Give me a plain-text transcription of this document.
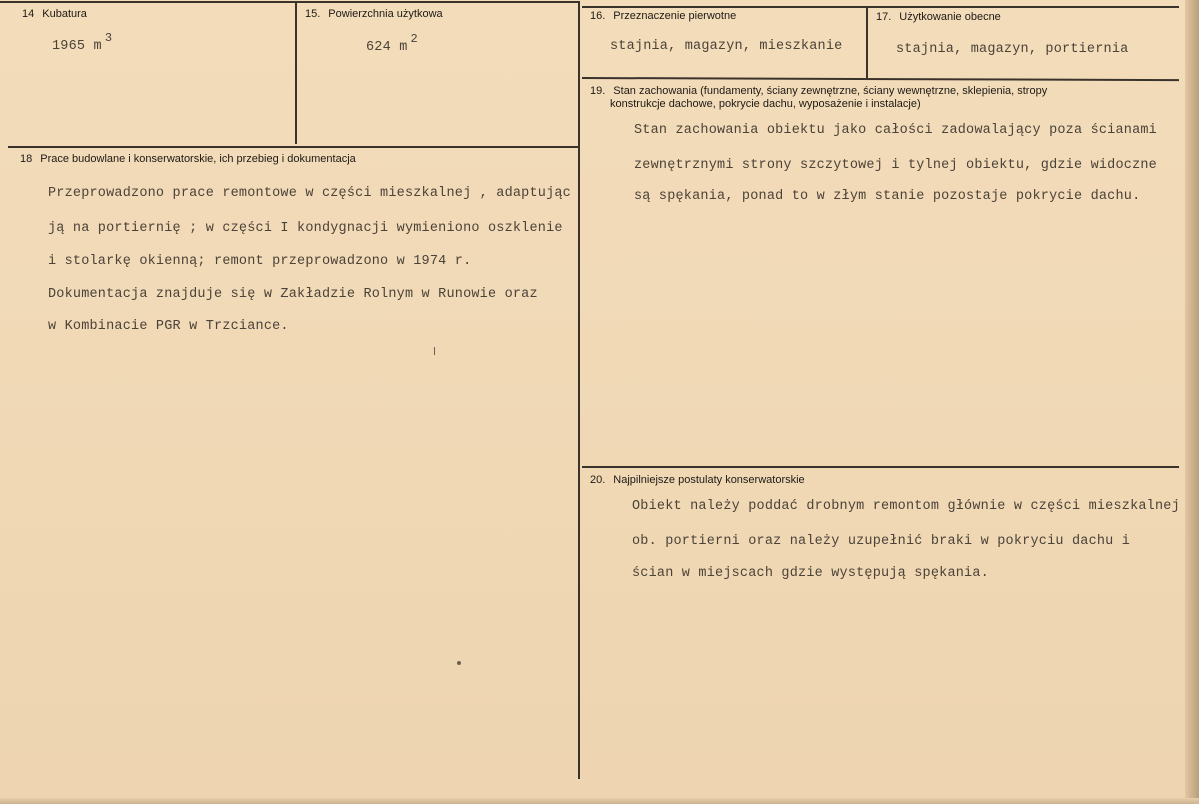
14 Kubatura
1965 $m^3$
15. Powierzchnia użytkowa
624 $m^2$
18 Prace budowlane i konserwatorskie, ich przebieg i dokumentacja
Przeprowadzono prace remontowe w części mieszkalnej , adaptując
ją na portiernię ; w części I kondygnacji wymieniono oszklenie
i stolarkę okienną; remont przeprowadzono w 1974 r.
Dokumentacja znajduje się w Zakładzie Rolnym w Runowie oraz
w Kombinacie PGR w Trzciance.
16. Przeznaczenie pierwotne
stajnia, magazyn, mieszkanie
17. Użytkowanie obecne
stajnia, magazyn, portiernia
19. Stan zachowania (fundamenty, ściany zewnętrzne, ściany wewnętrzne, sklepienia, stropy
konstrukcje dachowe, pokrycie dachu, wyposażenie i instalacje)
Stan zachowania obiektu jako całości zadowalający poza ścianami
zewnętrznymi strony szczytowej i tylnej obiektu, gdzie widoczne
są spękania, ponad to w złym stanie pozostaje pokrycie dachu.
20. Najpilniejsze postulaty konserwatorskie
Obiekt należy poddać drobnym remontom głównie w części mieszkalnej
ob. portierni oraz należy uzupełnić braki w pokryciu dachu i
ścian w miejscach gdzie występują spękania.
